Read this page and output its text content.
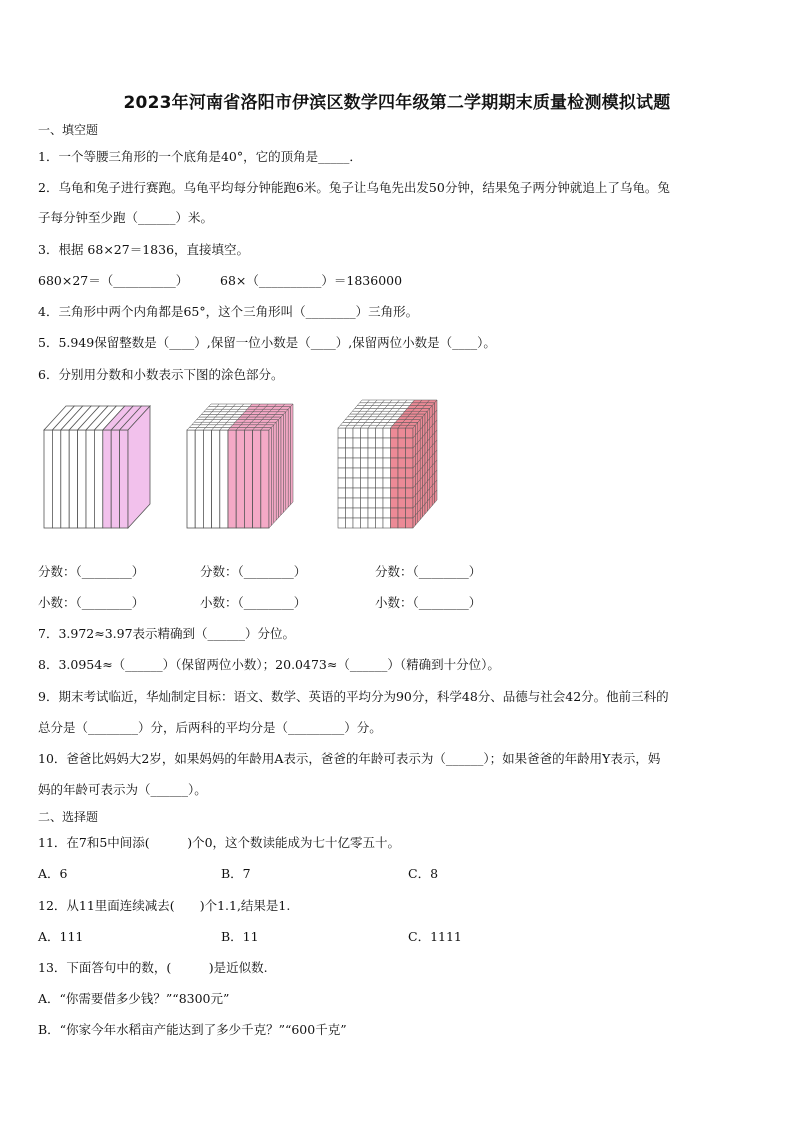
2023年河南省洛阳市伊滨区数学四年级第二学期期末质量检测模拟试题
一、填空题
1．一个等腰三角形的一个底角是40°，它的顶角是_____．
2．乌龟和兔子进行赛跑。乌龟平均每分钟能跑6米。兔子让乌龟先出发50分钟，结果兔子两分钟就追上了乌龟。兔
子每分钟至少跑（______）米。
3．根据 68×27＝1836，直接填空。
680×27＝（__________）	68×（__________）＝1836000
4．三角形中两个内角都是65°，这个三角形叫（________）三角形。
5．5.949保留整数是（____）,保留一位小数是（____）,保留两位小数是（____）。
6．分别用分数和小数表示下图的涂色部分。
分数：（________）	分数：（________）	分数：（________）
小数：（________）	小数：（________）	小数：（________）
7．3.972≈3.97表示精确到（______）分位。
8．3.0954≈（______）（保留两位小数）；20.0473≈（______）（精确到十分位）。
9．期末考试临近，华灿制定目标：语文、数学、英语的平均分为90分，科学48分、品德与社会42分。他前三科的
总分是（________）分，后两科的平均分是（_________）分。
10．爸爸比妈妈大2岁，如果妈妈的年龄用A表示，爸爸的年龄可表示为（______）；如果爸爸的年龄用Y表示，妈
妈的年龄可表示为（______）。
二、选择题
11．在7和5中间添(　　　)个0，这个数读能成为七十亿零五十。
A．6	B．7	C．8
12．从11里面连续减去(　　)个1.1,结果是1.
A．111	B．11	C．1111
13．下面答句中的数，(　　　)是近似数.
A．“你需要借多少钱？”“8300元”
B．“你家今年水稻亩产能达到了多少千克？”“600千克”
